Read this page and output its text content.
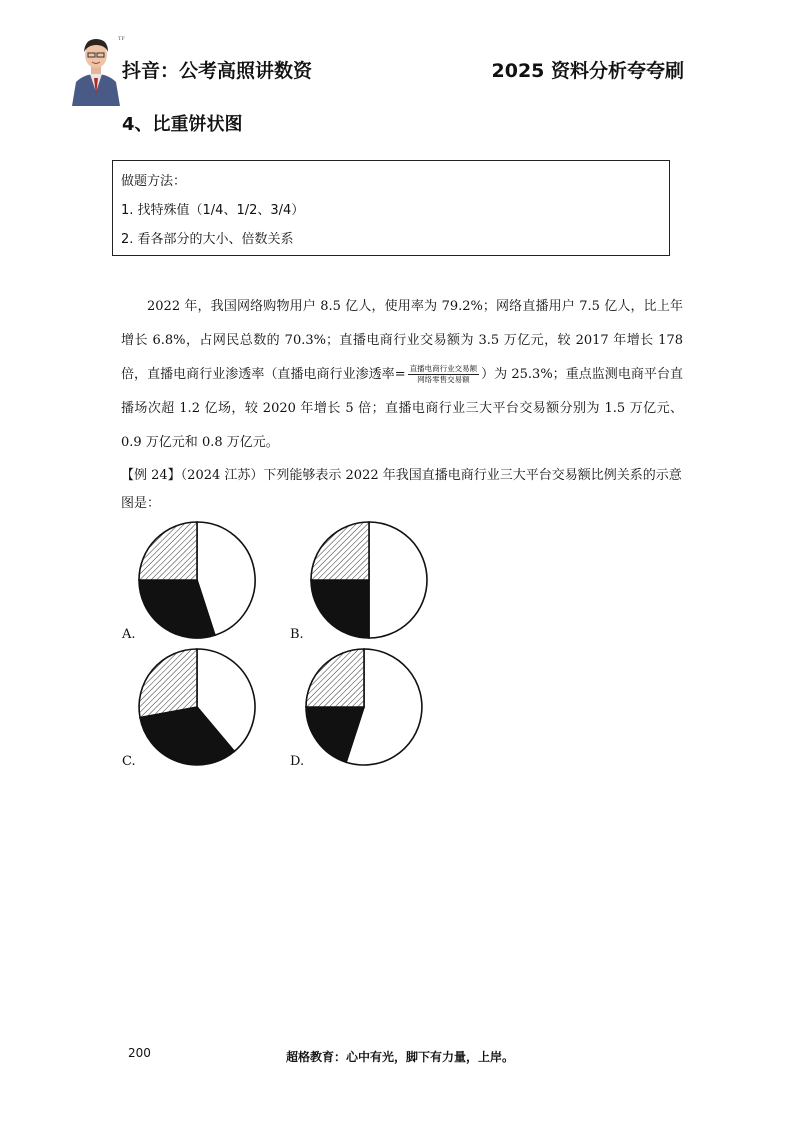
TF
抖音：公考高照讲数资	2025 资料分析夸夸刷
4、比重饼状图
做题方法：
1. 找特殊值（1/4、1/2、3/4）
2. 看各部分的大小、倍数关系
2022 年，我国网络购物用户 8.5 亿人，使用率为 79.2%；网络直播用户 7.5 亿人，比上年增长 6.8%，占网民总数的 70.3%；直播电商行业交易额为 3.5 万亿元，较 2017 年增长 178 倍，直播电商行业渗透率（直播电商行业渗透率= $\frac{\text{直播电商行业交易额}}{\text{网络零售交易额}}$ ）为 25.3%；重点监测电商平台直播场次超 1.2 亿场，较 2020 年增长 5 倍；直播电商行业三大平台交易额分别为 1.5 万亿元、0.9 万亿元和 0.8 万亿元。
【例 24】（2024 江苏）下列能够表示 2022 年我国直播电商行业三大平台交易额比例关系的示意图是：
A.	B.
C.	D.
200	超格教育：心中有光，脚下有力量，上岸。
